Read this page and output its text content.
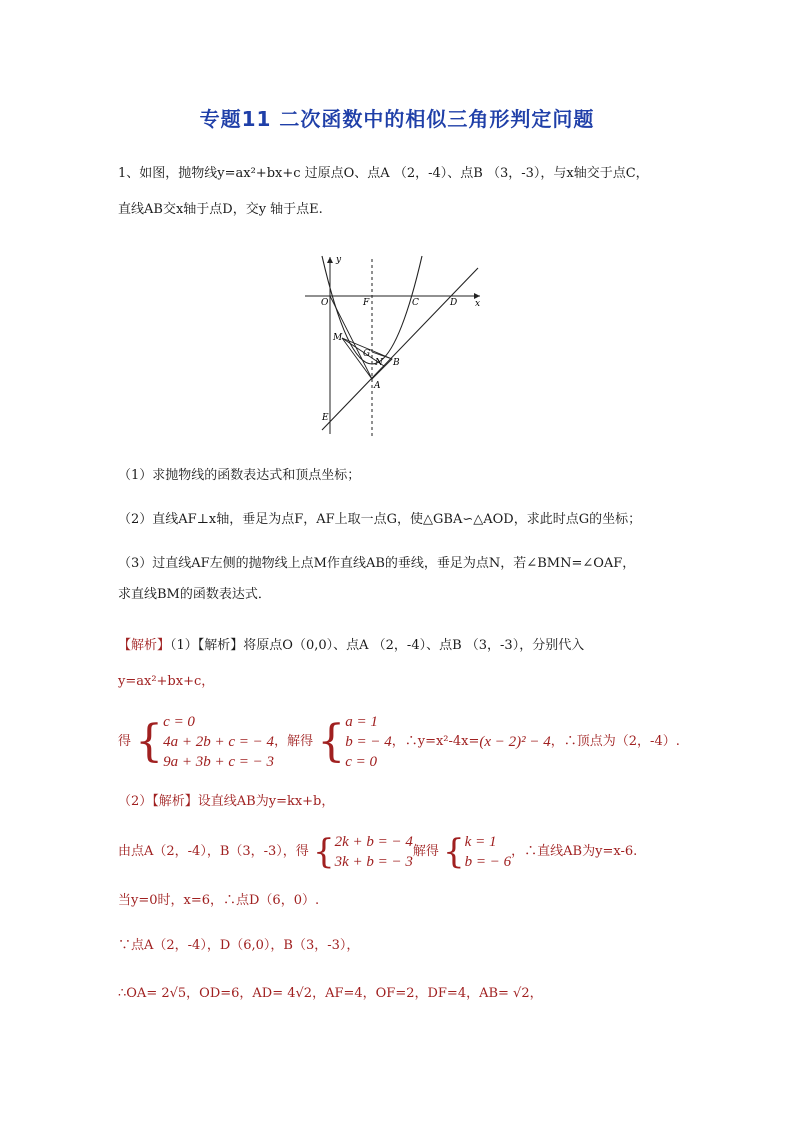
专题11 二次函数中的相似三角形判定问题
1、如图，抛物线y=ax²+bx+c 过原点O、点A （2，-4）、点B （3，-3），与x轴交于点C，
直线AB交x轴于点D，交y 轴于点E.
y
x
O	F	C	D
M
G
N B
A
E
（1）求抛物线的函数表达式和顶点坐标；
（2）直线AF⊥x轴，垂足为点F，AF上取一点G，使△GBA∽△AOD，求此时点G的坐标；
（3）过直线AF左侧的抛物线上点M作直线AB的垂线，垂足为点N，若∠BMN=∠OAF，
求直线BM的函数表达式．
【解析】（1）【解析】将原点O（0,0）、点A （2，-4）、点B （3，-3），分别代入
y=ax²+bx+c，
得 { c = 0
4a + 2b + c = − 4
9a + 3b + c = − 3
，解得 { a = 1
b = − 4
c = 0
，∴y=x²-4x=(x − 2)² − 4，∴顶点为（2，-4）.
（2）【解析】设直线AB为y=kx+b，
由点A（2，-4），B（3，-3），得 { 2k + b = − 4
3k + b = − 3
解得 { k = 1
b = − 6
，∴直线AB为y=x-6.
当y=0时，x=6，∴点D（6，0）.
∵点A（2，-4），D（6,0），B（3，-3），
∴OA= 2√5，OD=6，AD= 4√2，AF=4，OF=2，DF=4，AB= √2，
